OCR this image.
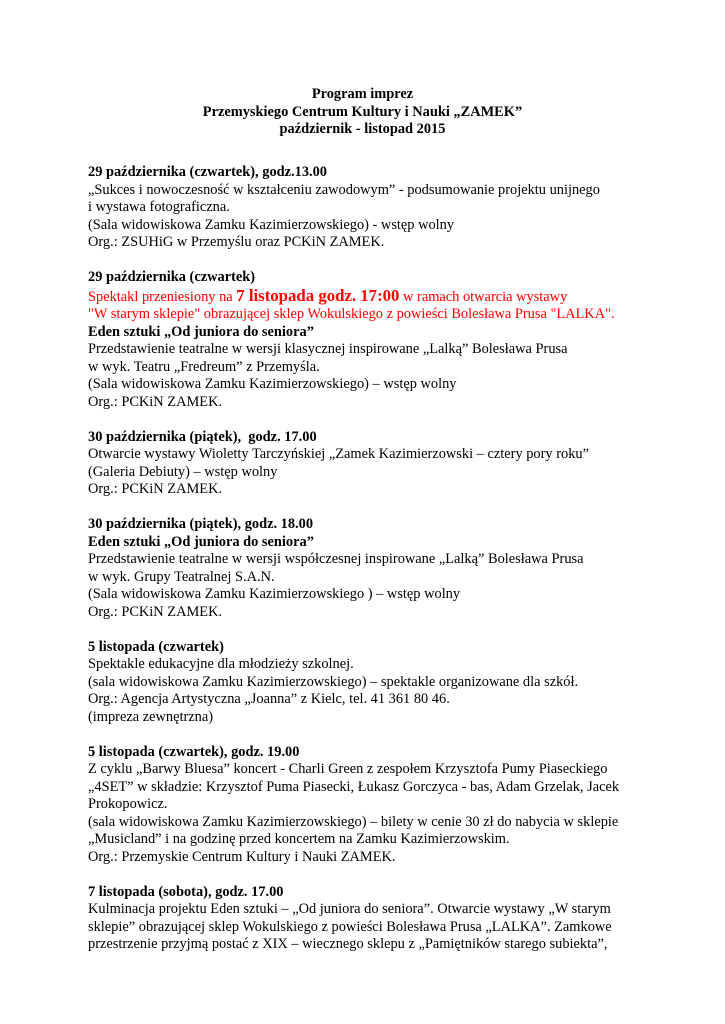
Program imprez
Przemyskiego Centrum Kultury i Nauki „ZAMEK”
październik - listopad 2015
29 października (czwartek), godz.13.00
„Sukces i nowoczesność w kształceniu zawodowym” - podsumowanie projektu unijnego
i wystawa fotograficzna.
(Sala widowiskowa Zamku Kazimierzowskiego) - wstęp wolny
Org.: ZSUHiG w Przemyślu oraz PCKiN ZAMEK.
29 października (czwartek)
Spektakl przeniesiony na 7 listopada godz. 17:00 w ramach otwarcia wystawy
"W starym sklepie" obrazującej sklep Wokulskiego z powieści Bolesława Prusa "LALKA".
Eden sztuki „Od juniora do seniora”
Przedstawienie teatralne w wersji klasycznej inspirowane „Lalką” Bolesława Prusa
w wyk. Teatru „Fredreum” z Przemyśla.
(Sala widowiskowa Zamku Kazimierzowskiego) – wstęp wolny
Org.: PCKiN ZAMEK.
30 października (piątek),  godz. 17.00
Otwarcie wystawy Wioletty Tarczyńskiej „Zamek Kazimierzowski – cztery pory roku”
(Galeria Debiuty) – wstęp wolny
Org.: PCKiN ZAMEK.
30 października (piątek), godz. 18.00
Eden sztuki „Od juniora do seniora”
Przedstawienie teatralne w wersji współczesnej inspirowane „Lalką” Bolesława Prusa
w wyk. Grupy Teatralnej S.A.N.
(Sala widowiskowa Zamku Kazimierzowskiego ) – wstęp wolny
Org.: PCKiN ZAMEK.
5 listopada (czwartek)
Spektakle edukacyjne dla młodzieży szkolnej.
(sala widowiskowa Zamku Kazimierzowskiego) – spektakle organizowane dla szkół.
Org.: Agencja Artystyczna „Joanna” z Kielc, tel. 41 361 80 46.
(impreza zewnętrzna)
5 listopada (czwartek), godz. 19.00
Z cyklu „Barwy Bluesa” koncert - Charli Green z zespołem Krzysztofa Pumy Piaseckiego
„4SET” w składzie: Krzysztof Puma Piasecki, Łukasz Gorczyca - bas, Adam Grzelak, Jacek
Prokopowicz.
(sala widowiskowa Zamku Kazimierzowskiego) – bilety w cenie 30 zł do nabycia w sklepie
„Musicland” i na godzinę przed koncertem na Zamku Kazimierzowskim.
Org.: Przemyskie Centrum Kultury i Nauki ZAMEK.
7 listopada (sobota), godz. 17.00
Kulminacja projektu Eden sztuki – „Od juniora do seniora”. Otwarcie wystawy „W starym
sklepie” obrazującej sklep Wokulskiego z powieści Bolesława Prusa „LALKA”. Zamkowe
przestrzenie przyjmą postać z XIX – wiecznego sklepu z „Pamiętników starego subiekta”,
